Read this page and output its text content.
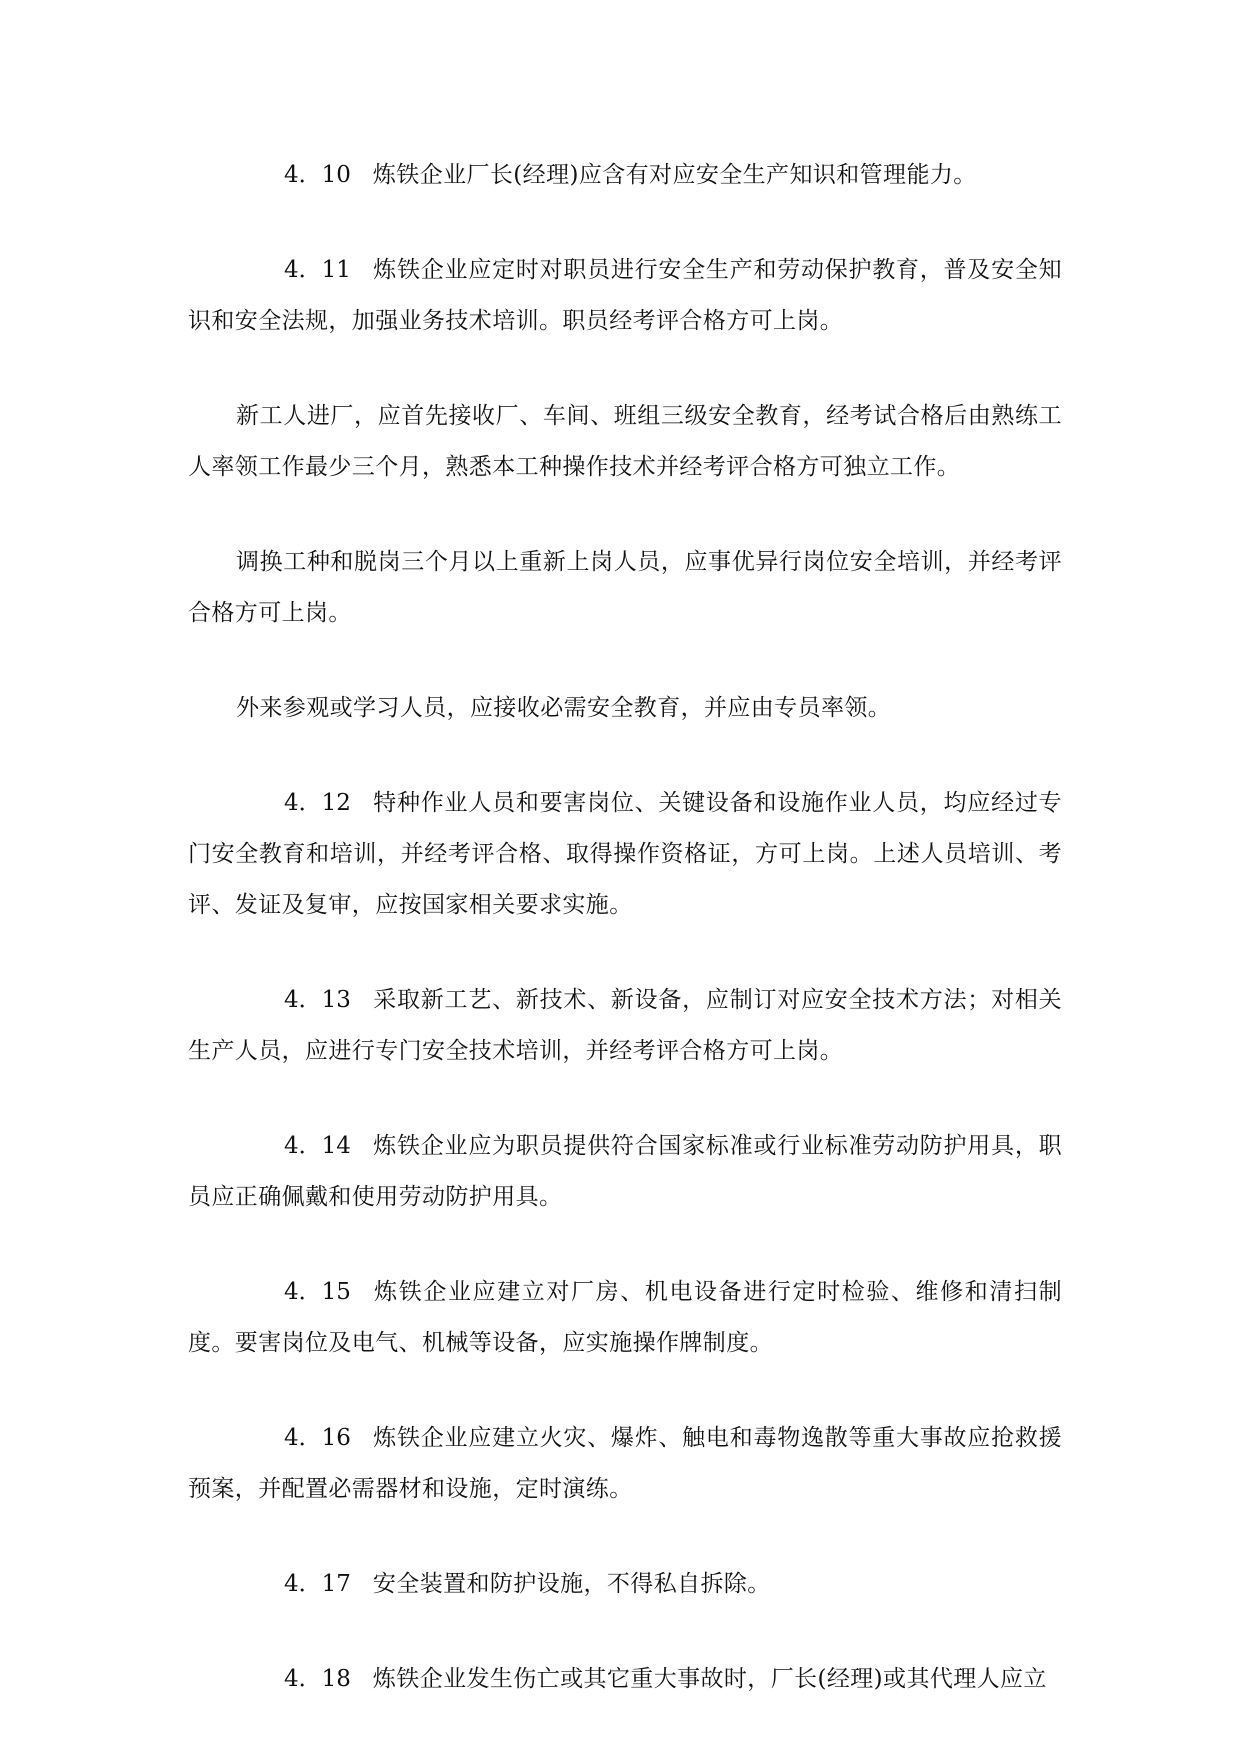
4．10 炼铁企业厂长(经理)应含有对应安全生产知识和管理能力。

4．11 炼铁企业应定时对职员进行安全生产和劳动保护教育，普及安全知识和安全法规，加强业务技术培训。职员经考评合格方可上岗。

新工人进厂，应首先接收厂、车间、班组三级安全教育，经考试合格后由熟练工人率领工作最少三个月，熟悉本工种操作技术并经考评合格方可独立工作。

调换工种和脱岗三个月以上重新上岗人员，应事优异行岗位安全培训，并经考评合格方可上岗。

外来参观或学习人员，应接收必需安全教育，并应由专员率领。

4．12 特种作业人员和要害岗位、关键设备和设施作业人员，均应经过专门安全教育和培训，并经考评合格、取得操作资格证，方可上岗。上述人员培训、考评、发证及复审，应按国家相关要求实施。

4．13 采取新工艺、新技术、新设备，应制订对应安全技术方法；对相关生产人员，应进行专门安全技术培训，并经考评合格方可上岗。

4．14 炼铁企业应为职员提供符合国家标准或行业标准劳动防护用具，职员应正确佩戴和使用劳动防护用具。

4．15 炼铁企业应建立对厂房、机电设备进行定时检验、维修和清扫制度。要害岗位及电气、机械等设备，应实施操作牌制度。

4．16 炼铁企业应建立火灾、爆炸、触电和毒物逸散等重大事故应抢救援预案，并配置必需器材和设施，定时演练。

4．17 安全装置和防护设施，不得私自拆除。

4．18 炼铁企业发生伤亡或其它重大事故时，厂长(经理)或其代理人应立
